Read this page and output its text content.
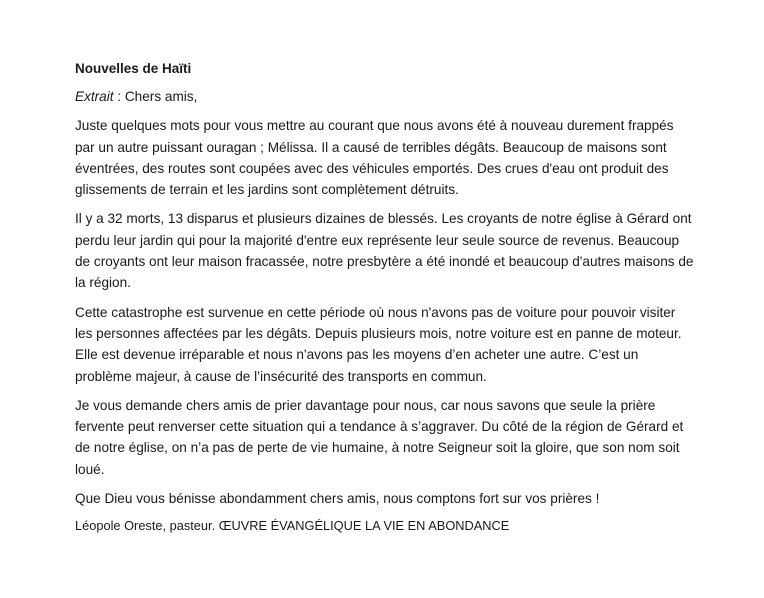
Nouvelles de Haïti
Extrait : Chers amis,

Juste quelques mots pour vous mettre au courant que nous avons été à nouveau durement frappés par un autre puissant ouragan ; Mélissa. Il a causé de terribles dégâts. Beaucoup de maisons sont éventrées, des routes sont coupées avec des véhicules emportés. Des crues d'eau ont produit des glissements de terrain et les jardins sont complètement détruits.

Il y a 32 morts, 13 disparus et plusieurs dizaines de blessés. Les croyants de notre église à Gérard ont perdu leur jardin qui pour la majorité d'entre eux représente leur seule source de revenus. Beaucoup de croyants ont leur maison fracassée, notre presbytère a été inondé et beaucoup d'autres maisons de la région.

Cette catastrophe est survenue en cette période où nous n'avons pas de voiture pour pouvoir visiter les personnes affectées par les dégâts. Depuis plusieurs mois, notre voiture est en panne de moteur. Elle est devenue irréparable et nous n'avons pas les moyens d’en acheter une autre. C’est un problème majeur, à cause de l’insécurité des transports en commun.

Je vous demande chers amis de prier davantage pour nous, car nous savons que seule la prière fervente peut renverser cette situation qui a tendance à s’aggraver. Du côté de la région de Gérard et de notre église, on n’a pas de perte de vie humaine, à notre Seigneur soit la gloire, que son nom soit loué.

Que Dieu vous bénisse abondamment chers amis, nous comptons fort sur vos prières !

Léopole Oreste, pasteur. ŒUVRE ÉVANGÉLIQUE LA VIE EN ABONDANCE
